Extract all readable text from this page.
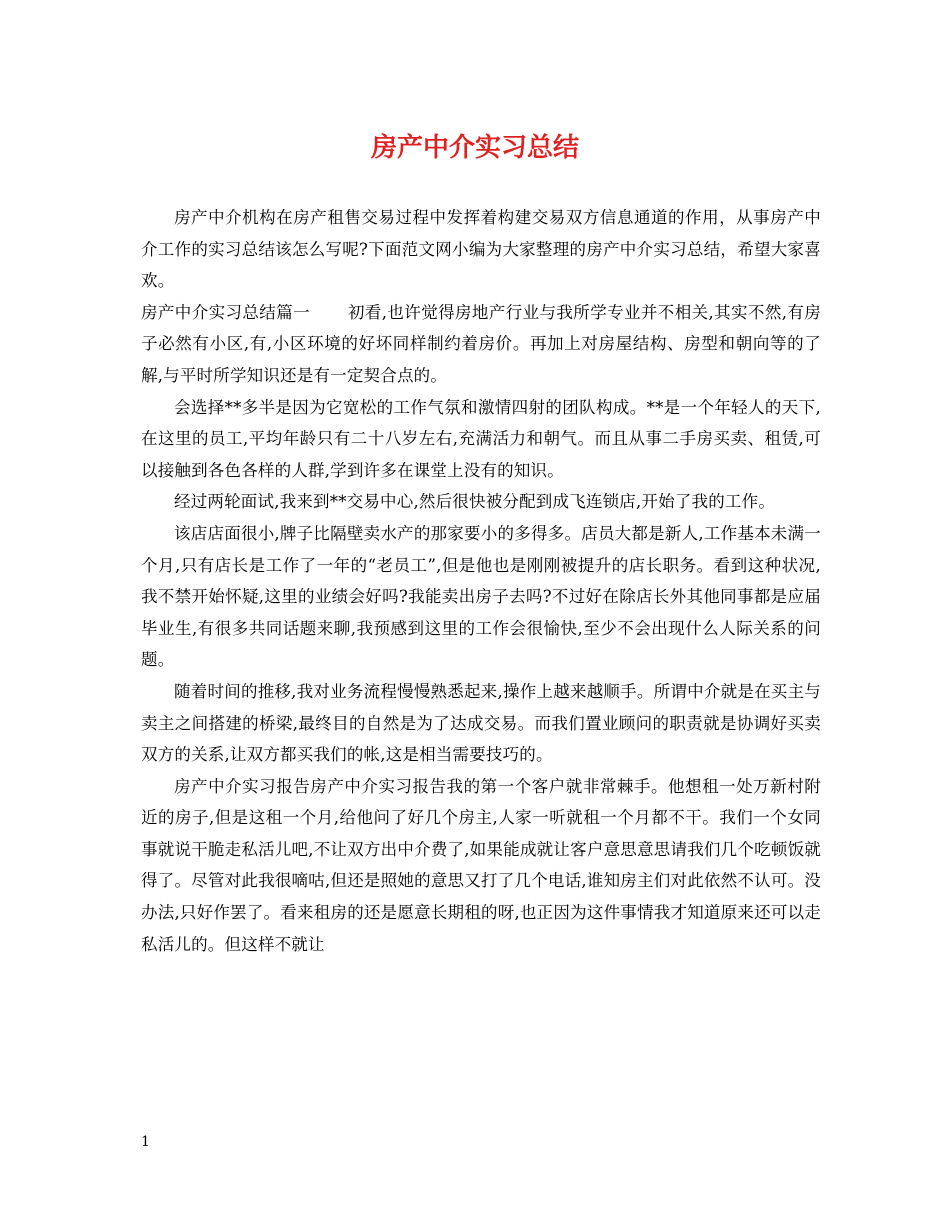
房产中介实习总结

房产中介机构在房产租售交易过程中发挥着构建交易双方信息通道的作用，从事房产中介工作的实习总结该怎么写呢?下面范文网小编为大家整理的房产中介实习总结，希望大家喜欢。

房产中介实习总结篇一 初看,也许觉得房地产行业与我所学专业并不相关,其实不然,有房子必然有小区,有,小区环境的好坏同样制约着房价。再加上对房屋结构、房型和朝向等的了解,与平时所学知识还是有一定契合点的。

会选择**多半是因为它宽松的工作气氛和激情四射的团队构成。**是一个年轻人的天下,在这里的员工,平均年龄只有二十八岁左右,充满活力和朝气。而且从事二手房买卖、租赁,可以接触到各色各样的人群,学到许多在课堂上没有的知识。

经过两轮面试,我来到**交易中心,然后很快被分配到成飞连锁店,开始了我的工作。

该店店面很小,牌子比隔壁卖水产的那家要小的多得多。店员大都是新人,工作基本未满一个月,只有店长是工作了一年的“老员工”,但是他也是刚刚被提升的店长职务。看到这种状况,我不禁开始怀疑,这里的业绩会好吗?我能卖出房子去吗?不过好在除店长外其他同事都是应届毕业生,有很多共同话题来聊,我预感到这里的工作会很愉快,至少不会出现什么人际关系的问题。

随着时间的推移,我对业务流程慢慢熟悉起来,操作上越来越顺手。所谓中介就是在买主与卖主之间搭建的桥梁,最终目的自然是为了达成交易。而我们置业顾问的职责就是协调好买卖双方的关系,让双方都买我们的帐,这是相当需要技巧的。

房产中介实习报告房产中介实习报告我的第一个客户就非常棘手。他想租一处万新村附近的房子,但是这租一个月,给他问了好几个房主,人家一听就租一个月都不干。我们一个女同事就说干脆走私活儿吧,不让双方出中介费了,如果能成就让客户意思意思请我们几个吃顿饭就得了。尽管对此我很嘀咕,但还是照她的意思又打了几个电话,谁知房主们对此依然不认可。没办法,只好作罢了。看来租房的还是愿意长期租的呀,也正因为这件事情我才知道原来还可以走私活儿的。但这样不就让

1
